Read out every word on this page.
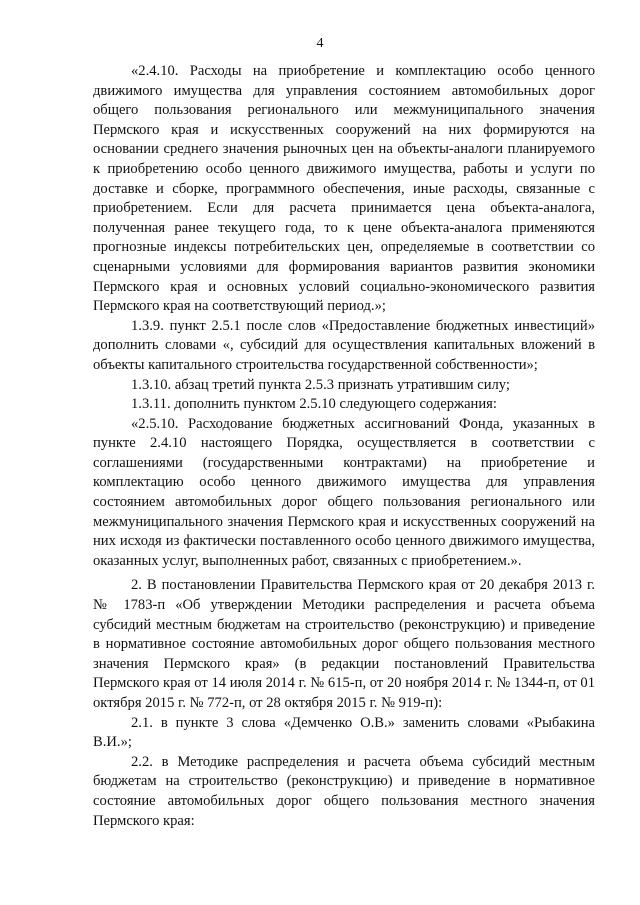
4

«2.4.10. Расходы на приобретение и комплектацию особо ценного движимого имущества для управления состоянием автомобильных дорог общего пользования регионального или межмуниципального значения Пермского края и искусственных сооружений на них формируются на основании среднего значения рыночных цен на объекты-аналоги планируемого к приобретению особо ценного движимого имущества, работы и услуги по доставке и сборке, программного обеспечения, иные расходы, связанные с приобретением. Если для расчета принимается цена объекта-аналога, полученная ранее текущего года, то к цене объекта-аналога применяются прогнозные индексы потребительских цен, определяемые в соответствии со сценарными условиями для формирования вариантов развития экономики Пермского края и основных условий социально-экономического развития Пермского края на соответствующий период.»;

1.3.9. пункт 2.5.1 после слов «Предоставление бюджетных инвестиций» дополнить словами «, субсидий для осуществления капитальных вложений в объекты капитального строительства государственной собственности»;

1.3.10. абзац третий пункта 2.5.3 признать утратившим силу;

1.3.11. дополнить пунктом 2.5.10 следующего содержания:

«2.5.10. Расходование бюджетных ассигнований Фонда, указанных в пункте 2.4.10 настоящего Порядка, осуществляется в соответствии с соглашениями (государственными контрактами) на приобретение и комплектацию особо ценного движимого имущества для управления состоянием автомобильных дорог общего пользования регионального или межмуниципального значения Пермского края и искусственных сооружений на них исходя из фактически поставленного особо ценного движимого имущества, оказанных услуг, выполненных работ, связанных с приобретением.».

2. В постановлении Правительства Пермского края от 20 декабря 2013 г. № 1783-п «Об утверждении Методики распределения и расчета объема субсидий местным бюджетам на строительство (реконструкцию) и приведение в нормативное состояние автомобильных дорог общего пользования местного значения Пермского края» (в редакции постановлений Правительства Пермского края от 14 июля 2014 г. № 615-п, от 20 ноября 2014 г. № 1344-п, от 01 октября 2015 г. № 772-п, от 28 октября 2015 г. № 919-п):

2.1. в пункте 3 слова «Демченко О.В.» заменить словами «Рыбакина В.И.»;

2.2. в Методике распределения и расчета объема субсидий местным бюджетам на строительство (реконструкцию) и приведение в нормативное состояние автомобильных дорог общего пользования местного значения Пермского края:
